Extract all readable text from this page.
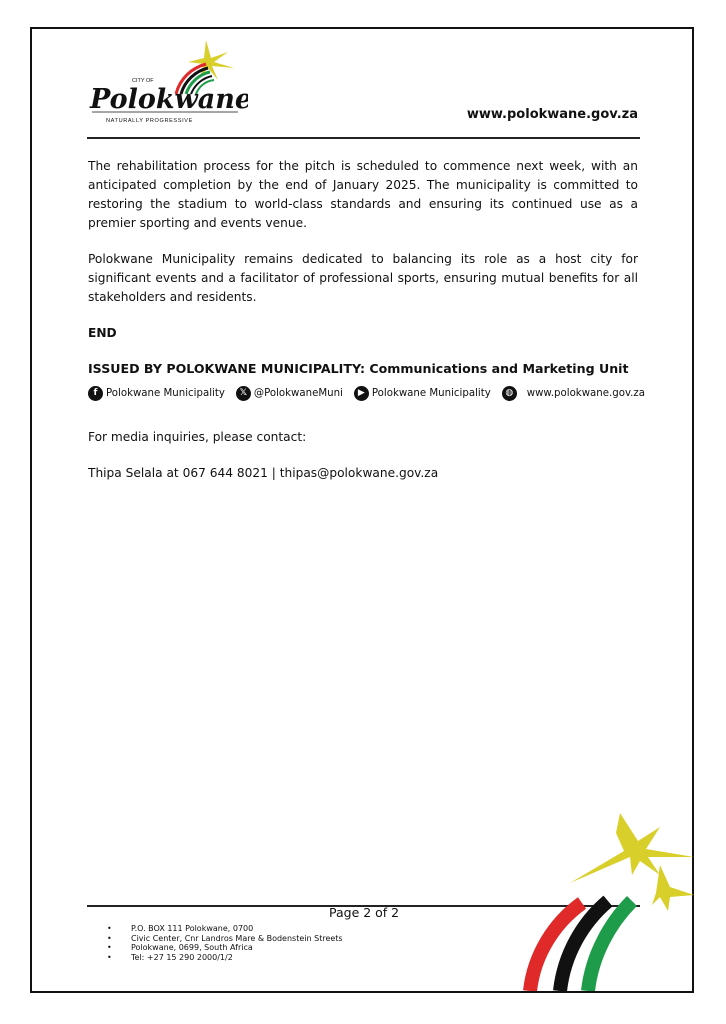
CITY OF
Polokwane
NATURALLY PROGRESSIVE	www.polokwane.gov.za

The rehabilitation process for the pitch is scheduled to commence next week, with an anticipated completion by the end of January 2025. The municipality is committed to restoring the stadium to world-class standards and ensuring its continued use as a premier sporting and events venue.

Polokwane Municipality remains dedicated to balancing its role as a host city for significant events and a facilitator of professional sports, ensuring mutual benefits for all stakeholders and residents.

END
ISSUED BY POLOKWANE MUNICIPALITY: Communications and Marketing Unit
f Polokwane Municipality	𝕏 @PolokwaneMuni	▶ Polokwane Municipality	◍	www.polokwane.gov.za

For media inquiries, please contact:

Thipa Selala at 067 644 8021 | thipas@polokwane.gov.za

Page 2 of 2
• P.O. BOX 111 Polokwane, 0700
• Civic Center, Cnr Landros Mare & Bodenstein Streets
• Polokwane, 0699, South Africa
• Tel: +27 15 290 2000/1/2
